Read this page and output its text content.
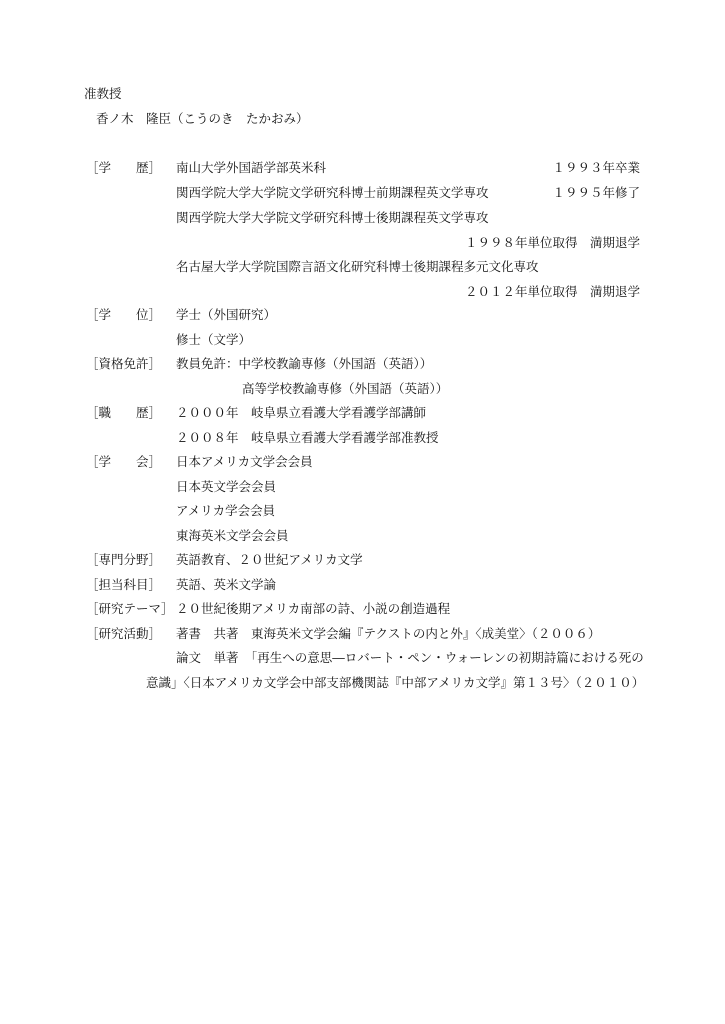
准教授
香ノ木　隆臣（こうのき　たかおみ）
［学　　歴］ 南山大学外国語学部英米科	１９９３年卒業
関西学院大学大学院文学研究科博士前期課程英文学専攻	１９９５年修了
関西学院大学大学院文学研究科博士後期課程英文学専攻
１９９８年単位取得　満期退学
名古屋大学大学院国際言語文化研究科博士後期課程多元文化専攻
２０１２年単位取得　満期退学
［学　　位］ 学士（外国研究）
修士（文学）
［資格免許］ 教員免許：中学校教諭専修（外国語（英語））
高等学校教諭専修（外国語（英語））
［職　　歴］ ２０００年　岐阜県立看護大学看護学部講師
２００８年　岐阜県立看護大学看護学部准教授
［学　　会］ 日本アメリカ文学会会員
日本英文学会会員
アメリカ学会会員
東海英米文学会会員
［専門分野］ 英語教育、２０世紀アメリカ文学
［担当科目］ 英語、英米文学論
［研究テーマ］ ２０世紀後期アメリカ南部の詩、小説の創造過程
［研究活動］ 著書　共著　東海英米文学会編『テクストの内と外』〈成美堂〉（２００６）
論文　単著　「再生への意思―ロバート・ペン・ウォーレンの初期詩篇における死の
意識」〈日本アメリカ文学会中部支部機関誌『中部アメリカ文学』第１３号〉（２０１０）
